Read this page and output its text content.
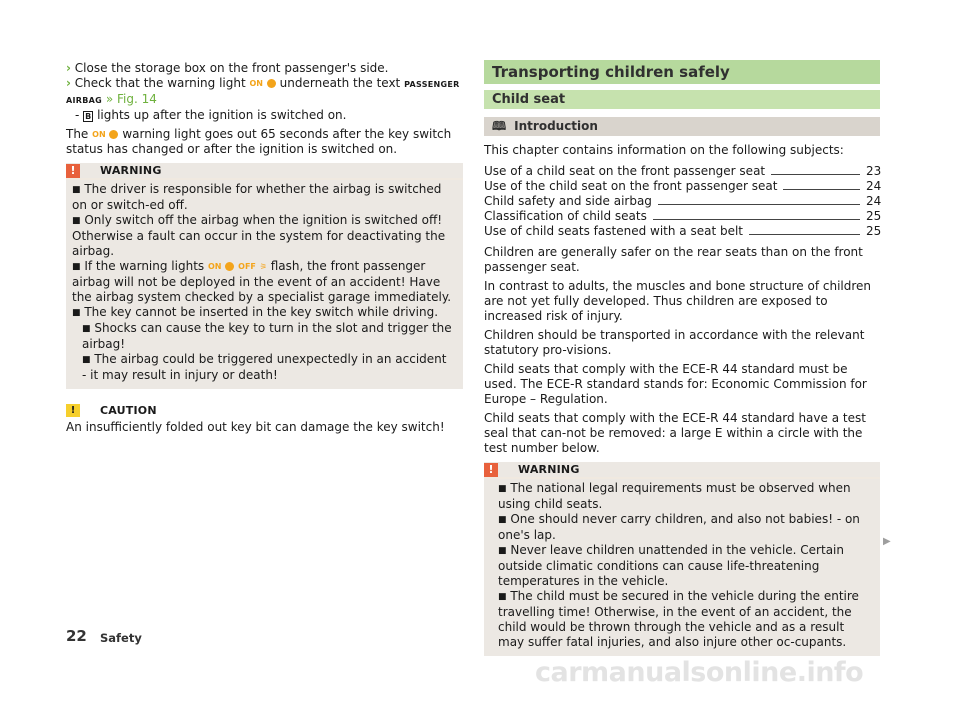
› Close the storage box on the front passenger's side.
› Check that the warning light ON underneath the text PASSENGER AIRBAG » Fig. 14
- B lights up after the ignition is switched on.
The ON warning light goes out 65 seconds after the key switch status has changed or after the ignition is switched on.
!	WARNING
■ The driver is responsible for whether the airbag is switched on or switch-ed off.
■ Only switch off the airbag when the ignition is switched off! Otherwise a fault can occur in the system for deactivating the airbag.
■ If the warning lights ON OFF ⚞ flash, the front passenger airbag will not be deployed in the event of an accident! Have the airbag system checked by a specialist garage immediately.
■ The key cannot be inserted in the key switch while driving.
■ Shocks can cause the key to turn in the slot and trigger the airbag!
■ The airbag could be triggered unexpectedly in an accident - it may result in injury or death!
!	CAUTION
An insufficiently folded out key bit can damage the key switch!
Transporting children safely
Child seat
🕮 Introduction
This chapter contains information on the following subjects:
Use of a child seat on the front passenger seat	23
Use of the child seat on the front passenger seat	24
Child safety and side airbag	24
Classification of child seats	25
Use of child seats fastened with a seat belt	25
Children are generally safer on the rear seats than on the front passenger seat.
In contrast to adults, the muscles and bone structure of children are not yet fully developed. Thus children are exposed to increased risk of injury.
Children should be transported in accordance with the relevant statutory pro-visions.
Child seats that comply with the ECE-R 44 standard must be used. The ECE-R standard stands for: Economic Commission for Europe – Regulation.
Child seats that comply with the ECE-R 44 standard have a test seal that can-not be removed: a large E within a circle with the test number below.
!	WARNING
■ The national legal requirements must be observed when using child seats.
■ One should never carry children, and also not babies! - on one's lap.
■ Never leave children unattended in the vehicle. Certain outside climatic conditions can cause life-threatening temperatures in the vehicle.
■ The child must be secured in the vehicle during the entire travelling time! Otherwise, in the event of an accident, the child would be thrown through the vehicle and as a result may suffer fatal injuries, and also injure other oc-cupants.
▶
22 Safety
carmanualsonline.info
